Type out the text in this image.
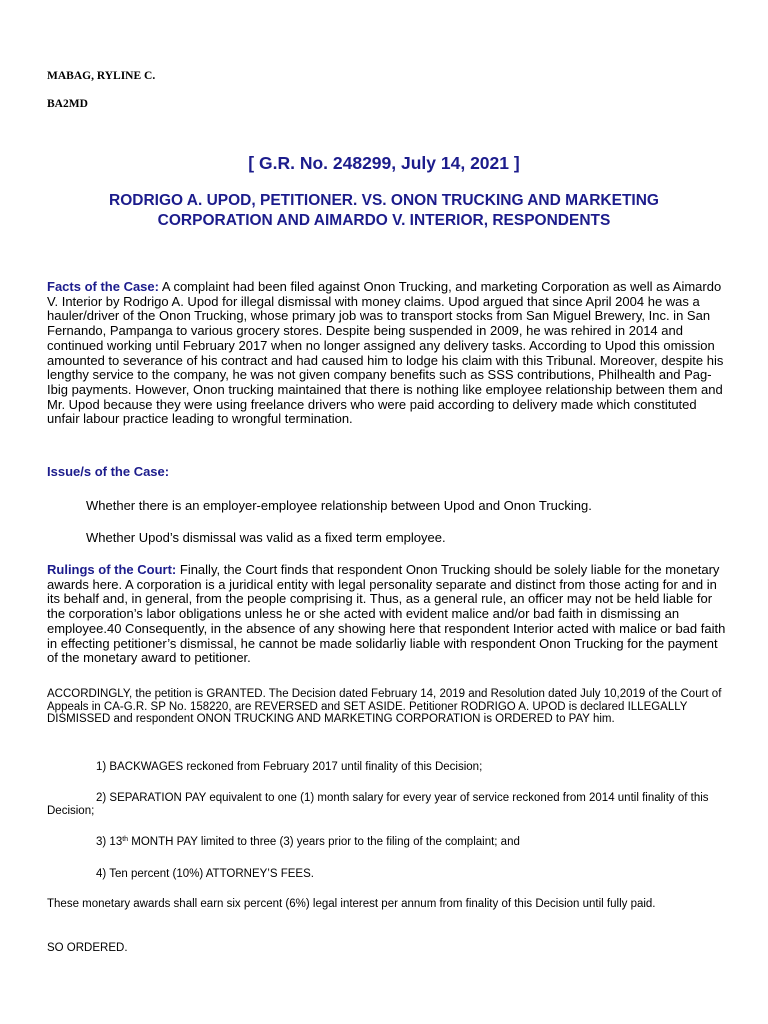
MABAG, RYLINE C.
BA2MD
[ G.R. No. 248299, July 14, 2021 ]
RODRIGO A. UPOD, PETITIONER. VS. ONON TRUCKING AND MARKETING
CORPORATION AND AIMARDO V. INTERIOR, RESPONDENTS
Facts of the Case: A complaint had been filed against Onon Trucking, and marketing Corporation as well as Aimardo V. Interior by Rodrigo A. Upod for illegal dismissal with money claims. Upod argued that since April 2004 he was a hauler/driver of the Onon Trucking, whose primary job was to transport stocks from San Miguel Brewery, Inc. in San Fernando, Pampanga to various grocery stores. Despite being suspended in 2009, he was rehired in 2014 and continued working until February 2017 when no longer assigned any delivery tasks. According to Upod this omission amounted to severance of his contract and had caused him to lodge his claim with this Tribunal. Moreover, despite his lengthy service to the company, he was not given company benefits such as SSS contributions, Philhealth and Pag-Ibig payments. However, Onon trucking maintained that there is nothing like employee relationship between them and Mr. Upod because they were using freelance drivers who were paid according to delivery made which constituted unfair labour practice leading to wrongful termination.
Issue/s of the Case:
Whether there is an employer-employee relationship between Upod and Onon Trucking.
Whether Upod’s dismissal was valid as a fixed term employee.
Rulings of the Court: Finally, the Court finds that respondent Onon Trucking should be solely liable for the monetary awards here. A corporation is a juridical entity with legal personality separate and distinct from those acting for and in its behalf and, in general, from the people comprising it. Thus, as a general rule, an officer may not be held liable for the corporation’s labor obligations unless he or she acted with evident malice and/or bad faith in dismissing an employee.40 Consequently, in the absence of any showing here that respondent Interior acted with malice or bad faith in effecting petitioner’s dismissal, he cannot be made solidarliy liable with respondent Onon Trucking for the payment of the monetary award to petitioner.
ACCORDINGLY, the petition is GRANTED. The Decision dated February 14, 2019 and Resolution dated July 10,2019 of the Court of Appeals in CA-G.R. SP No. 158220, are REVERSED and SET ASIDE. Petitioner RODRIGO A. UPOD is declared ILLEGALLY DISMISSED and respondent ONON TRUCKING AND MARKETING CORPORATION is ORDERED to PAY him.
1) BACKWAGES reckoned from February 2017 until finality of this Decision;
2) SEPARATION PAY equivalent to one (1) month salary for every year of service reckoned from 2014 until finality of this Decision;
3) 13th MONTH PAY limited to three (3) years prior to the filing of the complaint; and
4) Ten percent (10%) ATTORNEY’S FEES.
These monetary awards shall earn six percent (6%) legal interest per annum from finality of this Decision until fully paid.
SO ORDERED.
